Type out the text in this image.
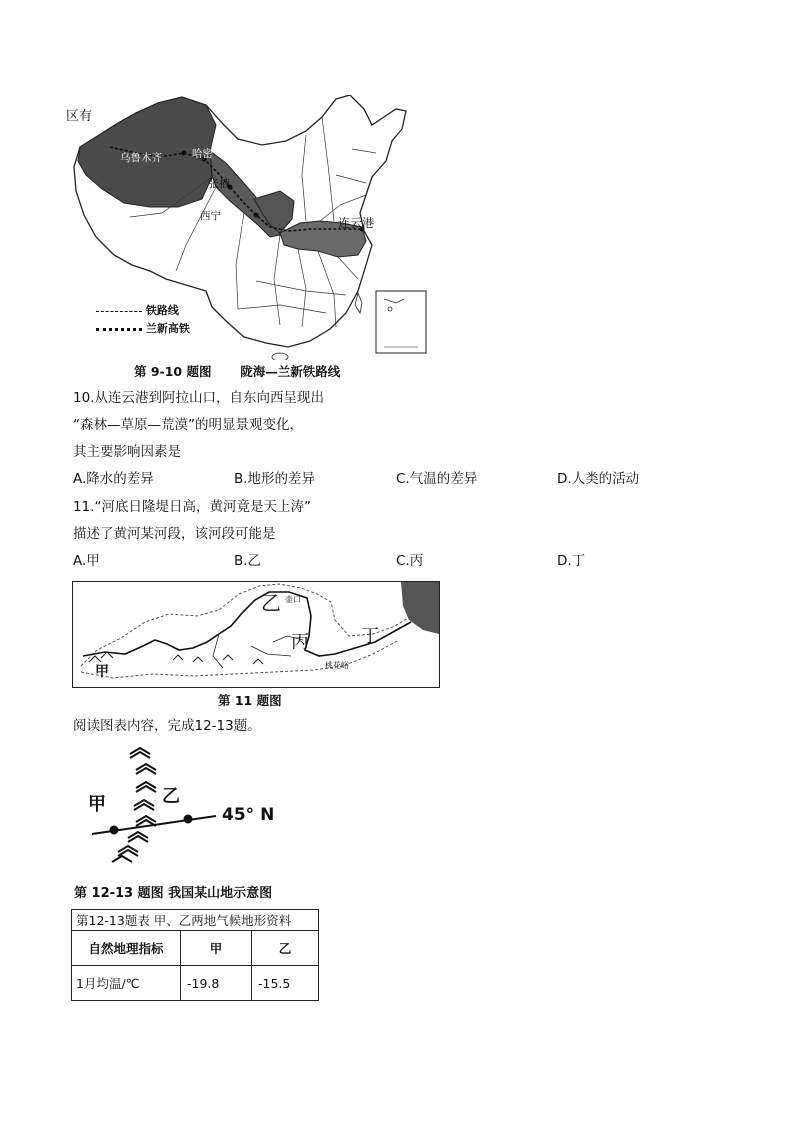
乌鲁木齐	哈密
张掖
西宁
兰州	连云港
区有
铁路线
兰新高铁
第 9-10 题图 陇海—兰新铁路线
10.从连云港到阿拉山口，自东向西呈现出
“森林—草原—荒漠”的明显景观变化，
其主要影响因素是
A.降水的差异	B.地形的差异	C.气温的差异	D.人类的活动
11.“河底日隆堤日高，黄河竟是天上涛”
描述了黄河某河段，该河段可能是
A.甲	B.乙	C.丙	D.丁
乙 壶口
丙	丁
桃花峪
甲
第 11 题图
阅读图表内容，完成12-13题。
甲	乙
45° N
第 12-13 题图 我国某山地示意图
第12-13题表 甲、乙两地气候地形资料		
自然地理指标	甲	乙
1月均温/℃	-19.8	-15.5
